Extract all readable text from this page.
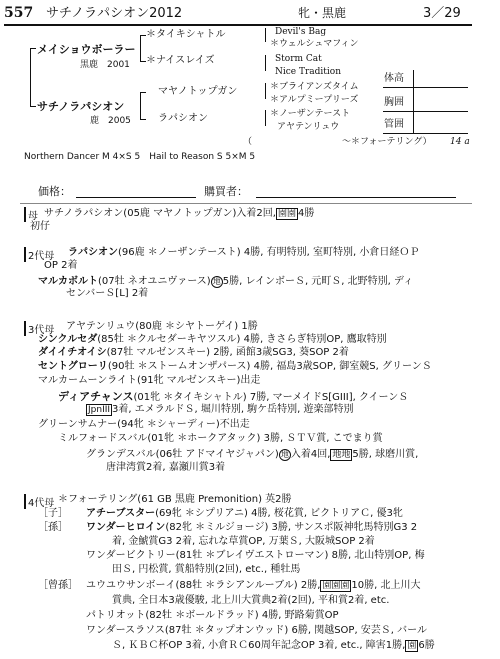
557 サチノラパシオン2012	牝・黒鹿	3／29
メイショウボーラー
黒鹿　2001
＊タイキシャトル
＊ナイスレイズ
Devil's Bag
＊ウェルシュマフィン
Storm Cat
Nice Tradition
サチノラパシオン
鹿　2005
マヤノトップガン
ラパシオン
＊ブライアンズタイム
＊アルプミープリーズ
＊ノーザンテースト
アヤテンリュウ
（　　　　　　　　　　～＊フォーテリング） 14 a
体高
胸囲
管囲
Northern Dancer M 4×S 5　Hail to Reason S 5×M 5
価格：	購買者：
母 サチノラパシオン(05鹿 マヤノトップガン)入着2回, 園園 4勝
初仔
2代母 ラパシオン(96鹿 ＊ノーザンテースト) 4勝, 有明特別, 室町特別, 小倉日経ＯＰ
OP 2着
マルカボルト(07牡 ネオユニヴァース) 地 5勝, レインボーＳ, 元町Ｓ, 北野特別, ディ
センバーＳ[L] 2着
3代母 アヤテンリュウ(80鹿 ＊シヤトーゲイ) 1勝
シンクルセダ(85牡 ＊クルセダーキヤツスル) 4勝, きさらぎ特別OP, 鷹取特別
ダイイチオイシ(87牡 マルゼンスキー) 2勝, 函館3歳SG3, 葵SOP 2着
セントグローリ(90牡 ＊ストームオンザパース) 4勝, 福島3歳SOP, 御室競S, グリーンＳ
マルカームーンライト(91牝 マルゼンスキー)出走
ディアチャンス(01牝 ＊タイキシャトル) 7勝, マーメイドS[GIII], クイーンＳ
JpnIII 3着, エメラルドＳ, 堀川特別, 駒ケ岳特別, 遊楽部特別
グリーンサムナー(94牝 ＊シャーディー)不出走
ミルフォードスバル(01牝 ＊ホークアタック) 3勝, ＳＴＶ賞, こでまり賞
グランデスバル(06牡 アドマイヤジャパン) 地 入着4回, 地地 5勝, 球磨川賞,
唐津湾賞2着, 嘉瀬川賞3着
4代母 ＊フォーテリング(61 GB 黒鹿 Premonition) 英2勝
［子］ アチーブスター(69牝 ＊シプリアニ) 4勝, 桜花賞, ビクトリアＣ, 優3牝
［孫］ ワンダーヒロイン(82牝 ＊ミルジョージ) 3勝, サンスポ阪神牝馬特別G3 2
着, 金鯱賞G3 2着, 忘れな草賞OP, 万葉Ｓ, 大阪城SOP 2着
ワンダービクトリー(81牡 ＊ブレイヴエストローマン) 8勝, 北山特別OP, 梅
田Ｓ, 円松賞, 賞船特別(2回), etc., 種牡馬
［曾孫］ ユウユウサンボーイ(88牡 ＊ラシアンルーブル) 2勝, 園園園 10勝, 北上川大
賞典, 全日本3歳優駿, 北上川大賞典2着(2回), 平和賞2着, etc.
パトリオット(82牡 ＊ボールドラッド) 4勝, 野路菊賞OP
ワンダースラソス(87牡 ＊タップオンウッド) 6勝, 関越SOP, 安芸Ｓ, バール
Ｓ, ＫＢＣ杯OP 3着, 小倉ＲＣ60周年記念OP 3着, etc., 障害1勝, 園 6勝
